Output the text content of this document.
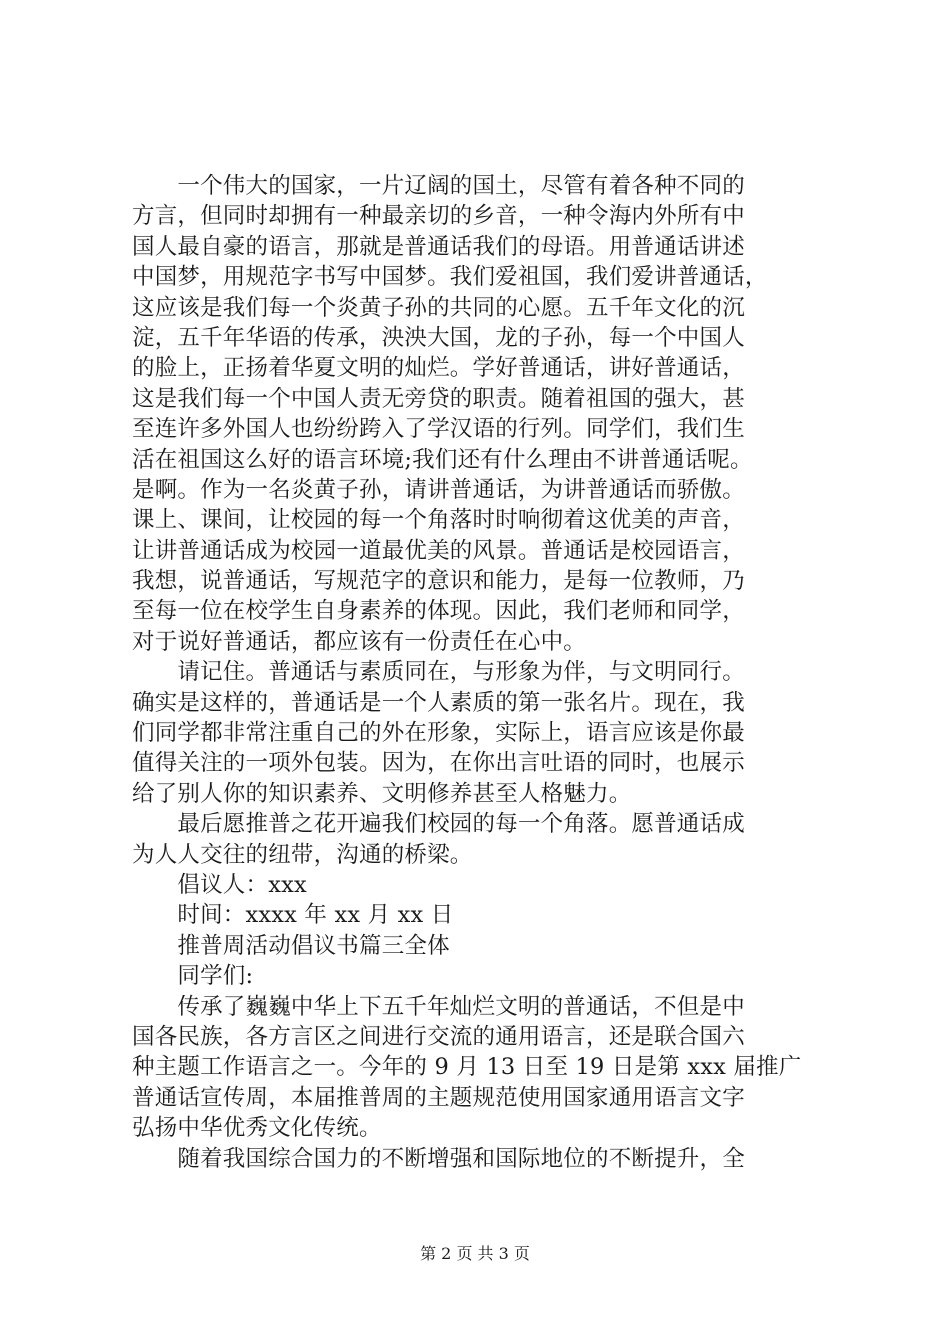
　　一个伟大的国家，一片辽阔的国土，尽管有着各种不同的
方言，但同时却拥有一种最亲切的乡音，一种令海内外所有中
国人最自豪的语言，那就是普通话我们的母语。用普通话讲述
中国梦，用规范字书写中国梦。我们爱祖国，我们爱讲普通话，
这应该是我们每一个炎黄子孙的共同的心愿。五千年文化的沉
淀，五千年华语的传承，泱泱大国，龙的子孙，每一个中国人
的脸上，正扬着华夏文明的灿烂。学好普通话，讲好普通话，
这是我们每一个中国人责无旁贷的职责。随着祖国的强大，甚
至连许多外国人也纷纷跨入了学汉语的行列。同学们，我们生
活在祖国这么好的语言环境;我们还有什么理由不讲普通话呢。
是啊。作为一名炎黄子孙，请讲普通话，为讲普通话而骄傲。
课上、课间，让校园的每一个角落时时响彻着这优美的声音，
让讲普通话成为校园一道最优美的风景。普通话是校园语言，
我想，说普通话，写规范字的意识和能力，是每一位教师，乃
至每一位在校学生自身素养的体现。因此，我们老师和同学，
对于说好普通话，都应该有一份责任在心中。
　　请记住。普通话与素质同在，与形象为伴，与文明同行。
确实是这样的，普通话是一个人素质的第一张名片。现在，我
们同学都非常注重自己的外在形象，实际上，语言应该是你最
值得关注的一项外包装。因为，在你出言吐语的同时，也展示
给了别人你的知识素养、文明修养甚至人格魅力。
　　最后愿推普之花开遍我们校园的每一个角落。愿普通话成
为人人交往的纽带，沟通的桥梁。
　　倡议人：xxx
　　时间：xxxx 年 xx 月 xx 日
　　推普周活动倡议书篇三全体
　　同学们:
　　传承了巍巍中华上下五千年灿烂文明的普通话，不但是中
国各民族，各方言区之间进行交流的通用语言，还是联合国六
种主题工作语言之一。今年的 9 月 13 日至 19 日是第 xxx 届推广
普通话宣传周，本届推普周的主题规范使用国家通用语言文字
弘扬中华优秀文化传统。
　　随着我国综合国力的不断增强和国际地位的不断提升，全
第 2 页 共 3 页
